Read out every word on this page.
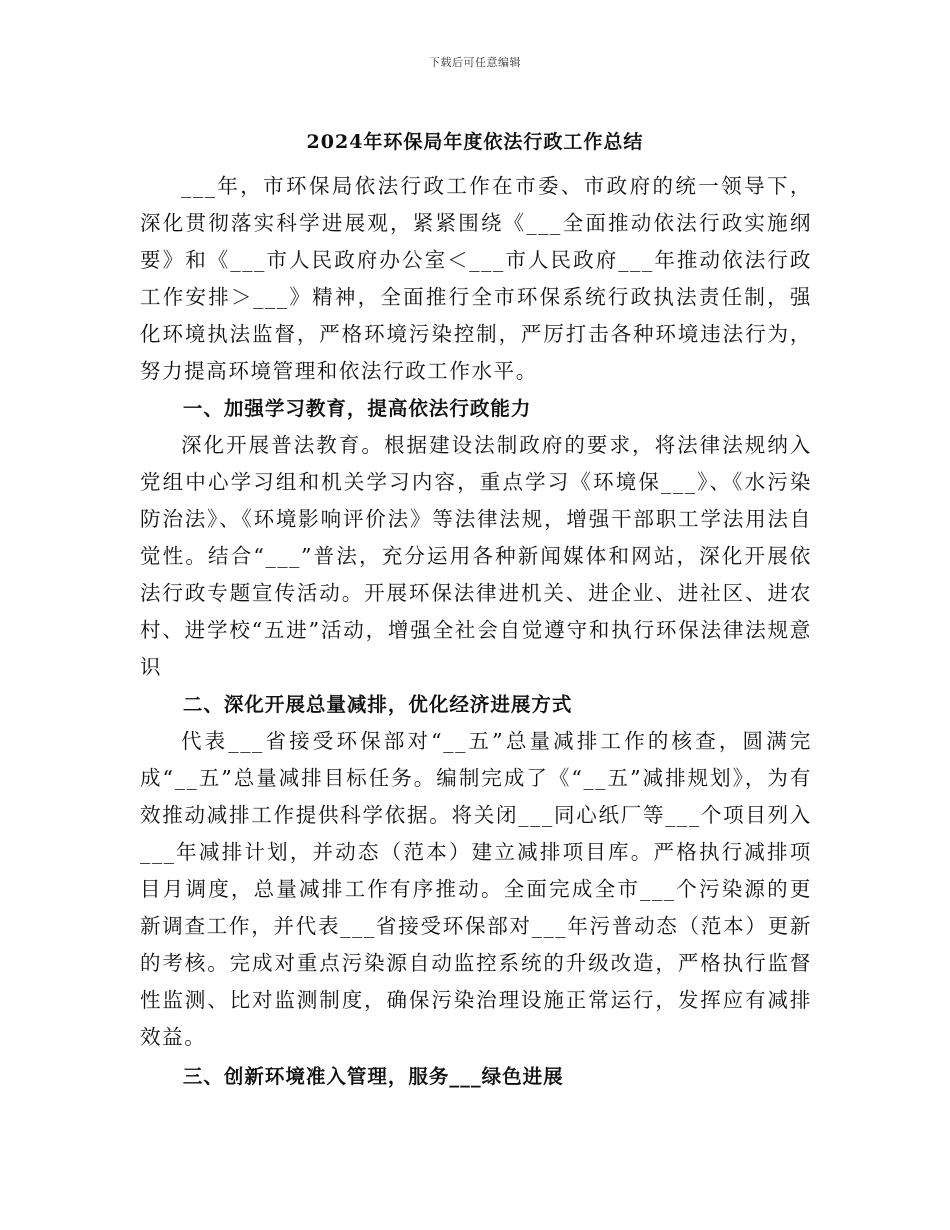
下载后可任意编辑
2024年环保局年度依法行政工作总结

___年，市环保局依法行政工作在市委、市政府的统一领导下，深化贯彻落实科学进展观，紧紧围绕《___全面推动依法行政实施纲要》和《___市人民政府办公室＜___市人民政府___年推动依法行政工作安排＞___》精神，全面推行全市环保系统行政执法责任制，强化环境执法监督，严格环境污染控制，严厉打击各种环境违法行为，努力提高环境管理和依法行政工作水平。

一、加强学习教育，提高依法行政能力

深化开展普法教育。根据建设法制政府的要求，将法律法规纳入党组中心学习组和机关学习内容，重点学习《环境保___》、《水污染防治法》、《环境影响评价法》等法律法规，增强干部职工学法用法自觉性。结合“___”普法，充分运用各种新闻媒体和网站，深化开展依法行政专题宣传活动。开展环保法律进机关、进企业、进社区、进农村、进学校“五进”活动，增强全社会自觉遵守和执行环保法律法规意识

二、深化开展总量减排，优化经济进展方式

代表___省接受环保部对“__五”总量减排工作的核查，圆满完成“__五”总量减排目标任务。编制完成了《“__五”减排规划》，为有效推动减排工作提供科学依据。将关闭___同心纸厂等___个项目列入___年减排计划，并动态（范本）建立减排项目库。严格执行减排项目月调度，总量减排工作有序推动。全面完成全市___个污染源的更新调查工作，并代表___省接受环保部对___年污普动态（范本）更新的考核。完成对重点污染源自动监控系统的升级改造，严格执行监督性监测、比对监测制度，确保污染治理设施正常运行，发挥应有减排效益。

三、创新环境准入管理，服务___绿色进展
